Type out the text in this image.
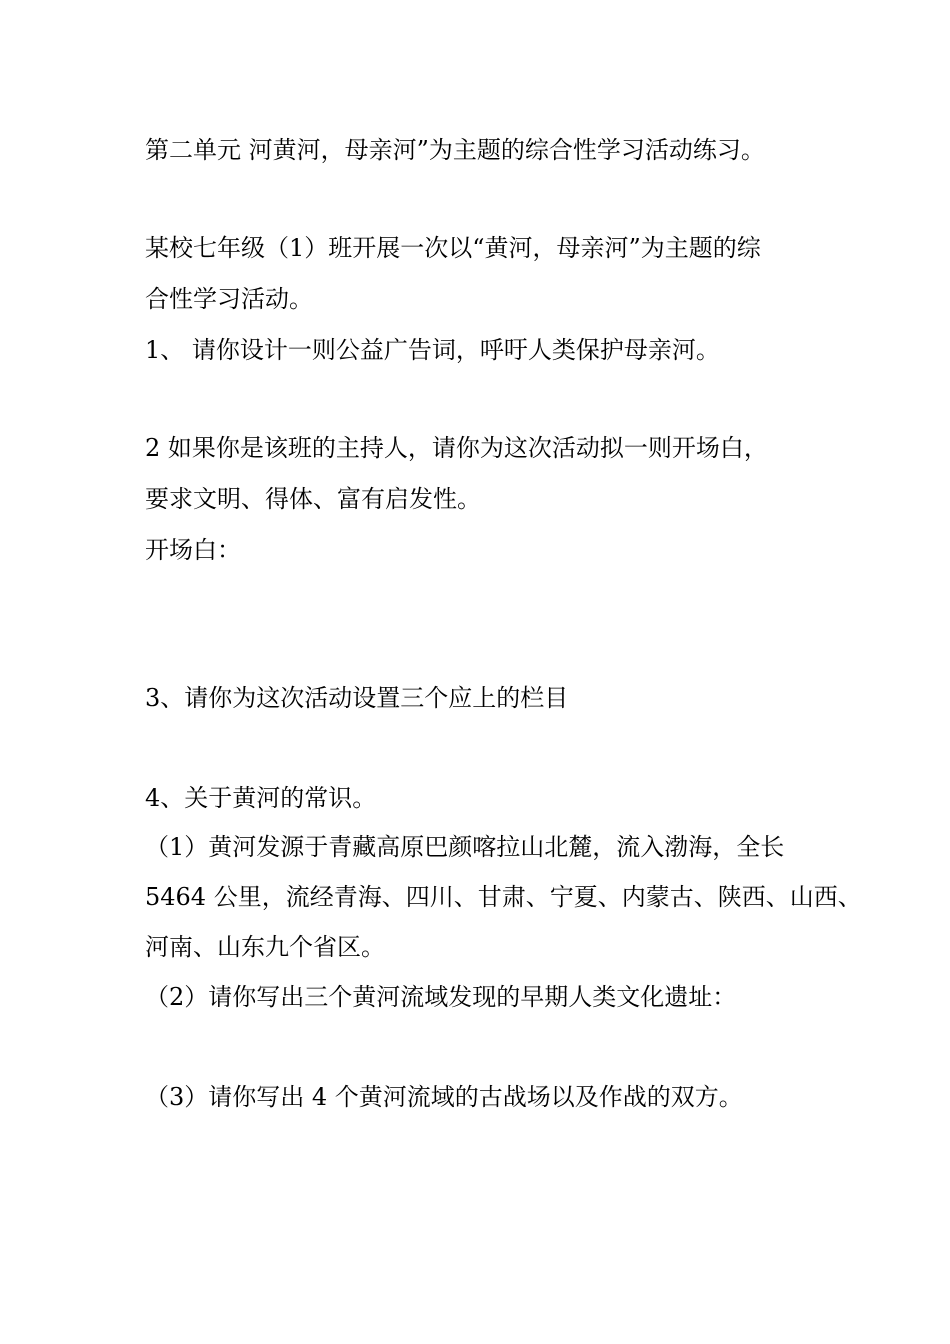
第二单元 河黄河，母亲河”为主题的综合性学习活动练习。
某校七年级（1）班开展一次以“黄河，母亲河”为主题的综
合性学习活动。
1、 请你设计一则公益广告词，呼吁人类保护母亲河。
2 如果你是该班的主持人，请你为这次活动拟一则开场白，
要求文明、得体、富有启发性。
开场白：
3、请你为这次活动设置三个应上的栏目
4、关于黄河的常识。
（1）黄河发源于青藏高原巴颜喀拉山北麓，流入渤海，全长
5464 公里，流经青海、四川、甘肃、宁夏、内蒙古、陕西、山西、
河南、山东九个省区。
（2）请你写出三个黄河流域发现的早期人类文化遗址：
（3）请你写出 4 个黄河流域的古战场以及作战的双方。
